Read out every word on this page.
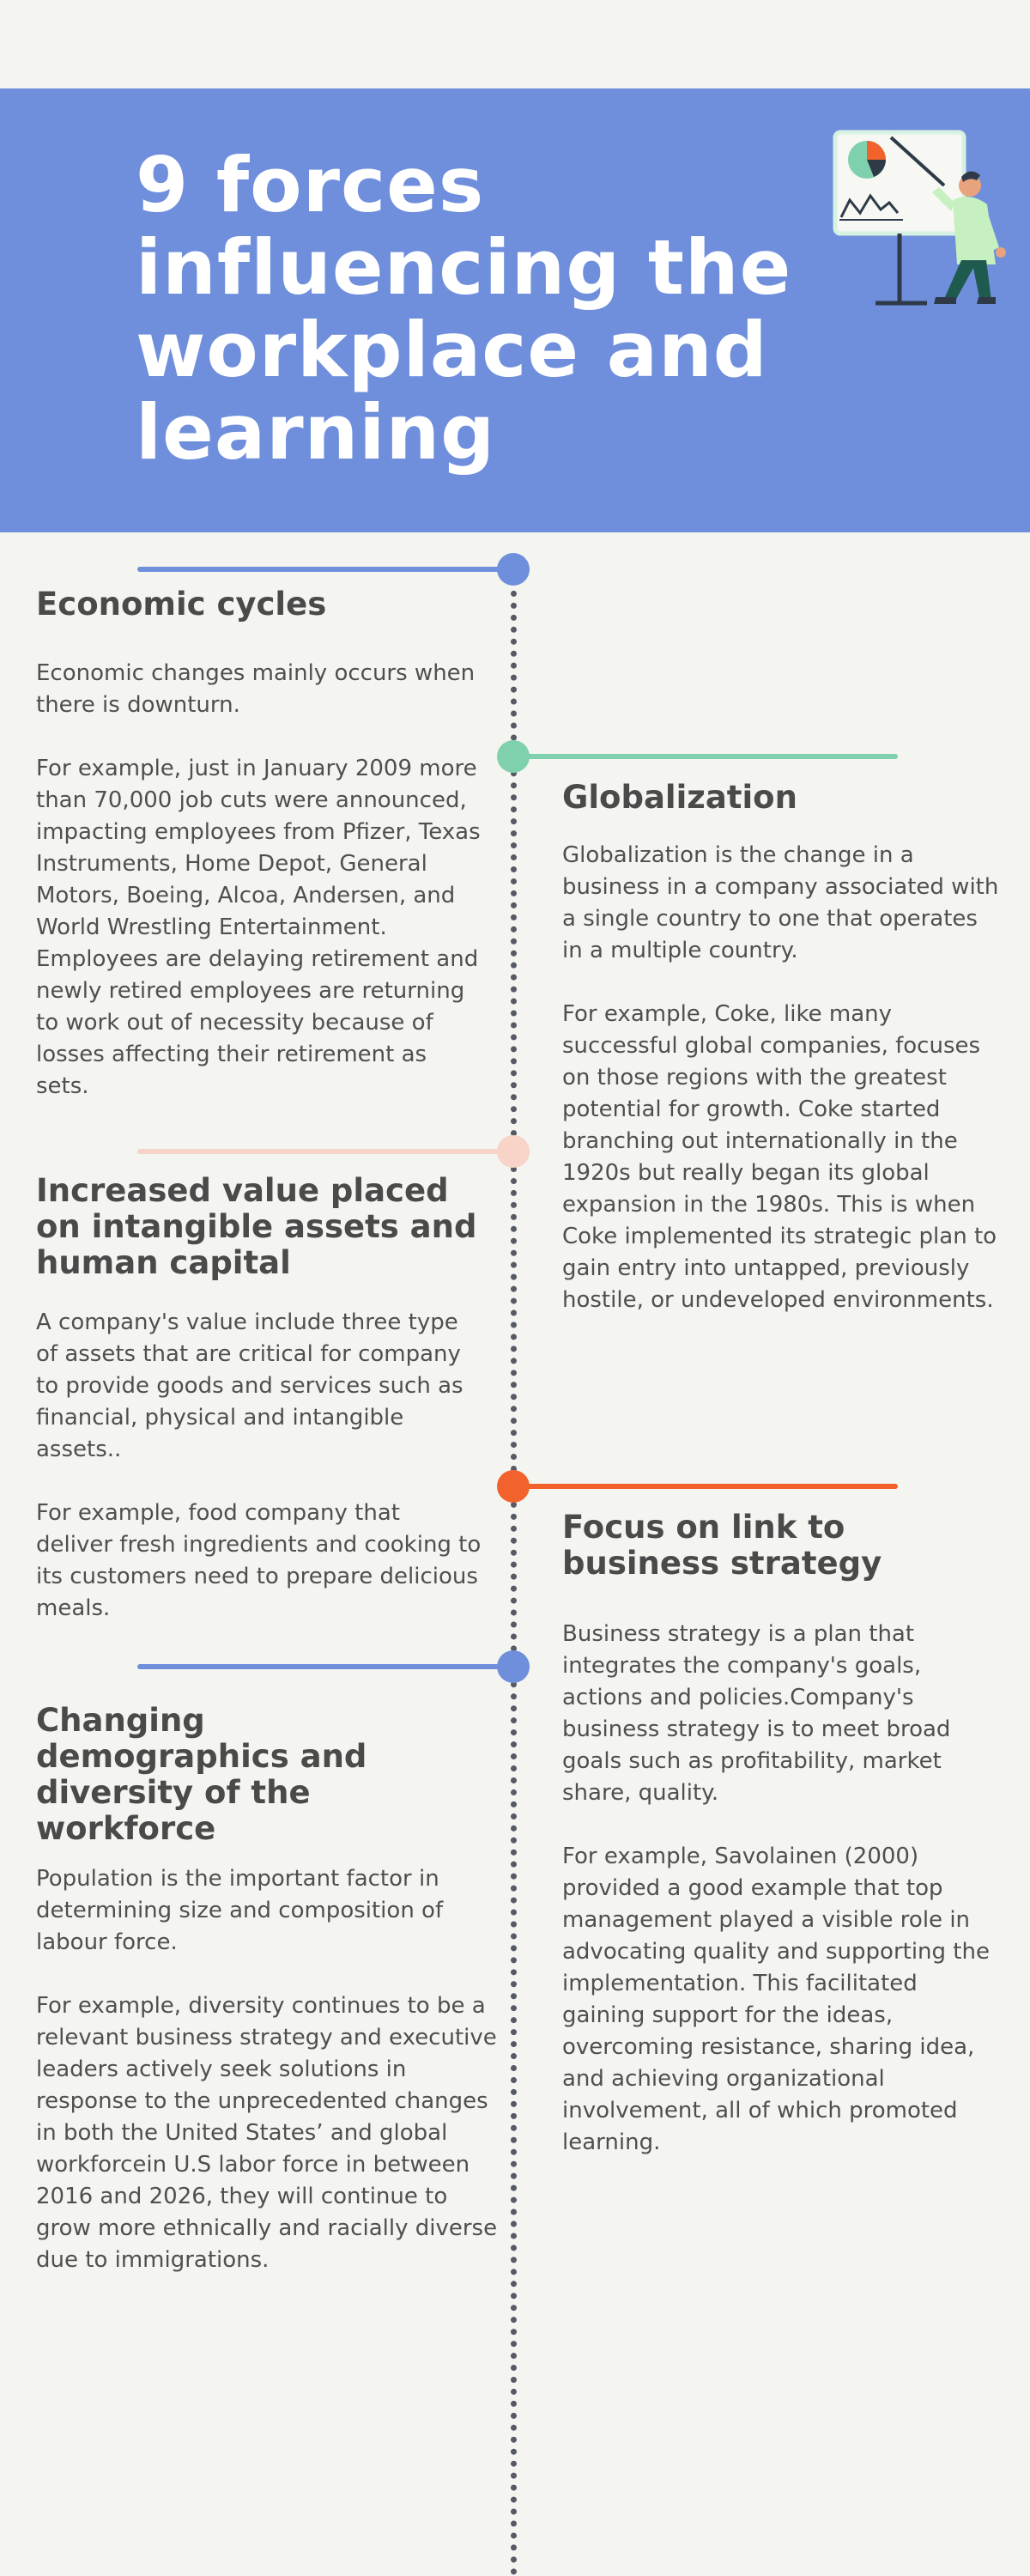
9 forces influencing the workplace and learning
Economic cycles

Economic changes mainly occurs when there is downturn.

For example, just in January 2009 more than 70,000 job cuts were announced, impacting employees from Pfizer, Texas Instruments, Home Depot, General Motors, Boeing, Alcoa, Andersen, and World Wrestling Entertainment. Employees are delaying retirement and newly retired employees are returning to work out of necessity because of losses affecting their retirement as sets.

Globalization

Globalization is the change in a business in a company associated with a single country to one that operates in a multiple country.

For example, Coke, like many successful global companies, focuses on those regions with the greatest potential for growth. Coke started branching out internationally in the 1920s but really began its global expansion in the 1980s. This is when Coke implemented its strategic plan to gain entry into untapped, previously hostile, or undeveloped environments.

Increased value placed on intangible assets and human capital

A company's value include three type of assets that are critical for company to provide goods and services such as financial, physical and intangible assets..

For example, food company that deliver fresh ingredients and cooking to its customers need to prepare delicious meals.

Focus on link to business strategy

Business strategy is a plan that integrates the company's goals, actions and policies.Company's business strategy is to meet broad goals such as profitability, market share, quality.

For example, Savolainen (2000) provided a good example that top management played a visible role in advocating quality and supporting the implementation. This facilitated gaining support for the ideas, overcoming resistance, sharing idea, and achieving organizational involvement, all of which promoted learning.

Changing demographics and diversity of the workforce

Population is the important factor in determining size and composition of labour force.

For example, diversity continues to be a relevant business strategy and executive leaders actively seek solutions in response to the unprecedented changes in both the United States’ and global workforcein U.S labor force in between 2016 and 2026, they will continue to grow more ethnically and racially diverse due to immigrations.
